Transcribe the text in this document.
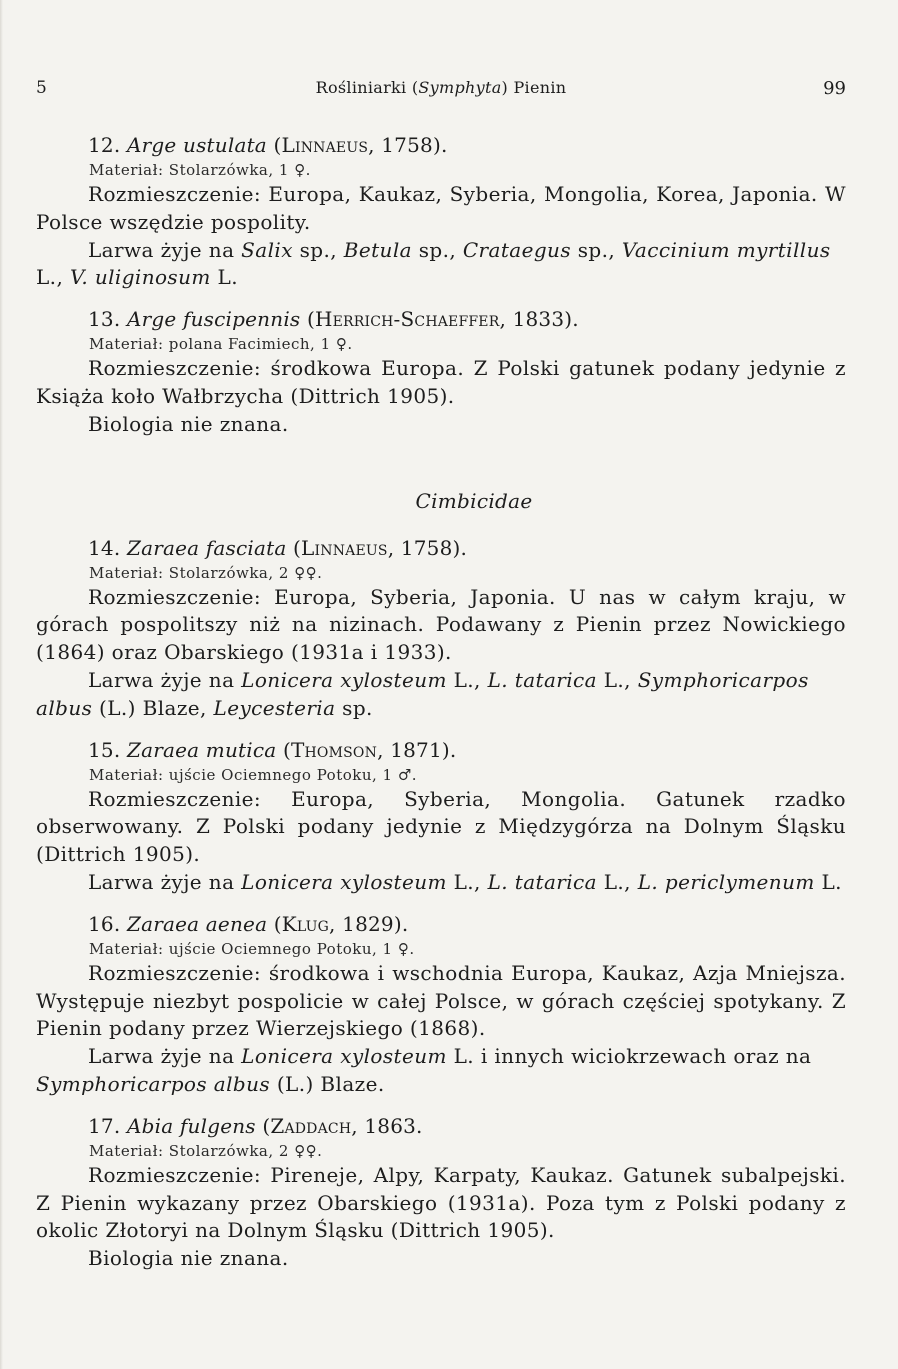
5	Rośliniarki (Symphyta) Pienin	99
12. Arge ustulata (Linnaeus, 1758).
Materiał: Stolarzówka, 1 ♀.

Rozmieszczenie: Europa, Kaukaz, Syberia, Mongolia, Korea, Japonia. W Polsce wszędzie pospolity.

Larwa żyje na Salix sp., Betula sp., Crataegus sp., Vaccinium myrtillus L., V. uliginosum L.

13. Arge fuscipennis (Herrich-Schaeffer, 1833).
Materiał: polana Facimiech, 1 ♀.

Rozmieszczenie: środkowa Europa. Z Polski gatunek podany jedynie z Książa koło Wałbrzycha (Dittrich 1905).

Biologia nie znana.

Cimbicidae
14. Zaraea fasciata (Linnaeus, 1758).
Materiał: Stolarzówka, 2 ♀♀.

Rozmieszczenie: Europa, Syberia, Japonia. U nas w całym kraju, w górach pospolitszy niż na nizinach. Podawany z Pienin przez Nowickiego (1864) oraz Obarskiego (1931a i 1933).

Larwa żyje na Lonicera xylosteum L., L. tatarica L., Symphoricarpos albus (L.) Blaze, Leycesteria sp.

15. Zaraea mutica (Thomson, 1871).
Materiał: ujście Ociemnego Potoku, 1 ♂.

Rozmieszczenie: Europa, Syberia, Mongolia. Gatunek rzadko obserwowany. Z Polski podany jedynie z Międzygórza na Dolnym Śląsku (Dittrich 1905).

Larwa żyje na Lonicera xylosteum L., L. tatarica L., L. periclymenum L.

16. Zaraea aenea (Klug, 1829).
Materiał: ujście Ociemnego Potoku, 1 ♀.

Rozmieszczenie: środkowa i wschodnia Europa, Kaukaz, Azja Mniejsza. Występuje niezbyt pospolicie w całej Polsce, w górach częściej spotykany. Z Pienin podany przez Wierzejskiego (1868).

Larwa żyje na Lonicera xylosteum L. i innych wiciokrzewach oraz na Symphoricarpos albus (L.) Blaze.

17. Abia fulgens (Zaddach, 1863.
Materiał: Stolarzówka, 2 ♀♀.

Rozmieszczenie: Pireneje, Alpy, Karpaty, Kaukaz. Gatunek subalpejski. Z Pienin wykazany przez Obarskiego (1931a). Poza tym z Polski podany z okolic Złotoryi na Dolnym Śląsku (Dittrich 1905).

Biologia nie znana.
